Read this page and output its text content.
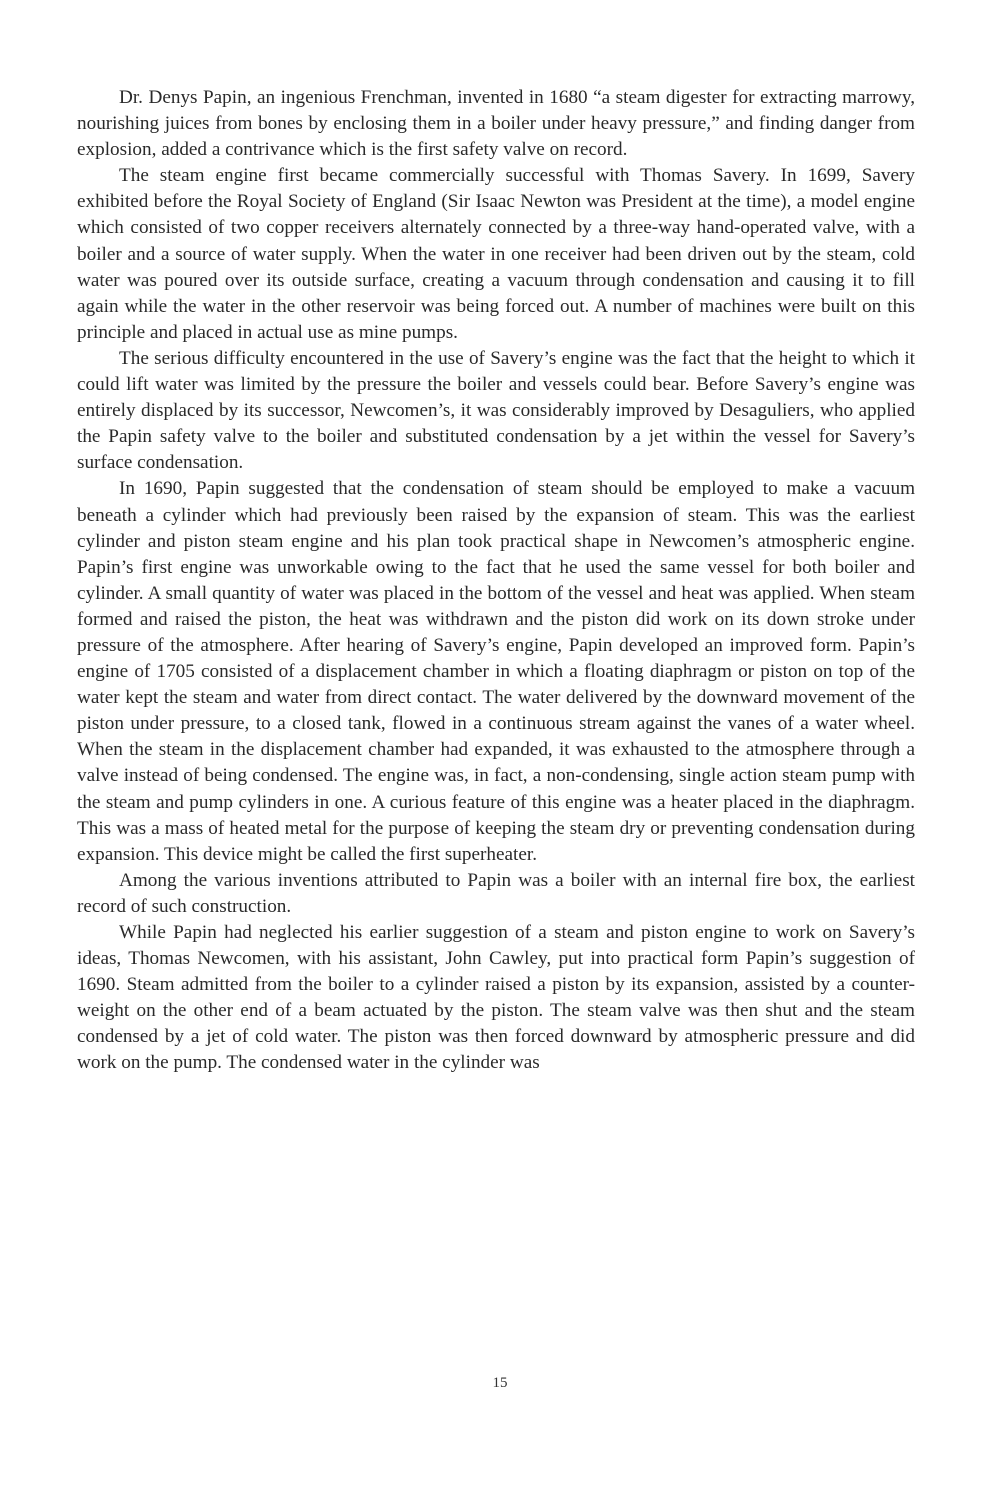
Dr. Denys Papin, an ingenious Frenchman, invented in 1680 “a steam digester for extracting marrowy, nourishing juices from bones by enclosing them in a boiler under heavy pressure,” and finding danger from explosion, added a contrivance which is the first safety valve on record.

The steam engine first became commercially successful with Thomas Savery. In 1699, Savery exhibited before the Royal Society of England (Sir Isaac Newton was President at the time), a model engine which consisted of two copper receivers alternately connected by a three-way hand-operated valve, with a boiler and a source of water supply. When the water in one receiver had been driven out by the steam, cold water was poured over its outside surface, creating a vacuum through condensation and causing it to fill again while the water in the other reservoir was being forced out. A number of machines were built on this principle and placed in actual use as mine pumps.

The serious difficulty encountered in the use of Savery’s engine was the fact that the height to which it could lift water was limited by the pressure the boiler and vessels could bear. Before Savery’s engine was entirely displaced by its successor, Newcomen’s, it was considerably improved by Desaguliers, who applied the Papin safety valve to the boiler and substituted condensation by a jet within the vessel for Savery’s surface condensation.

In 1690, Papin suggested that the condensation of steam should be employed to make a vacuum beneath a cylinder which had previously been raised by the expansion of steam. This was the earliest cylinder and piston steam engine and his plan took practical shape in Newcomen’s atmospheric engine. Papin’s first engine was unworkable owing to the fact that he used the same vessel for both boiler and cylinder. A small quantity of water was placed in the bottom of the vessel and heat was applied. When steam formed and raised the piston, the heat was withdrawn and the piston did work on its down stroke under pressure of the atmosphere. After hearing of Savery’s engine, Papin developed an improved form. Papin’s engine of 1705 consisted of a displacement chamber in which a floating diaphragm or piston on top of the water kept the steam and water from direct contact. The water delivered by the downward movement of the piston under pressure, to a closed tank, flowed in a continuous stream against the vanes of a water wheel. When the steam in the displacement chamber had expanded, it was exhausted to the atmosphere through a valve instead of being condensed. The engine was, in fact, a non-condensing, single action steam pump with the steam and pump cylinders in one. A curious feature of this engine was a heater placed in the diaphragm. This was a mass of heated metal for the purpose of keeping the steam dry or preventing condensation during expansion. This device might be called the first superheater.

Among the various inventions attributed to Papin was a boiler with an internal fire box, the earliest record of such construction.

While Papin had neglected his earlier suggestion of a steam and piston engine to work on Savery’s ideas, Thomas Newcomen, with his assistant, John Cawley, put into practical form Papin’s suggestion of 1690. Steam admitted from the boiler to a cylinder raised a piston by its expansion, assisted by a counter-weight on the other end of a beam actuated by the piston. The steam valve was then shut and the steam condensed by a jet of cold water. The piston was then forced downward by atmospheric pressure and did work on the pump. The condensed water in the cylinder was

15
